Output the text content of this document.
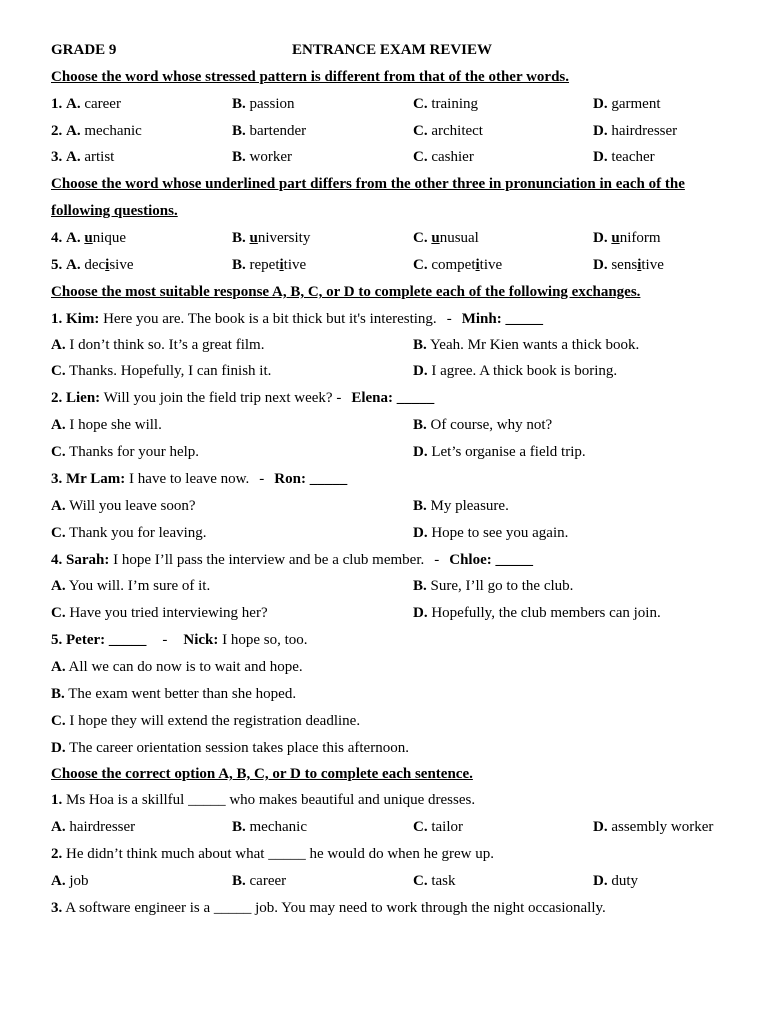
GRADE 9	ENTRANCE EXAM REVIEW
Choose the word whose stressed pattern is different from that of the other words.
1. A. career	B. passion	C. training	D. garment
2. A. mechanic	B. bartender	C. architect	D. hairdresser
3. A. artist	B. worker	C. cashier	D. teacher
Choose the word whose underlined part differs from the other three in pronunciation in each of the
following questions.
4. A. unique	B. university	C. unusual	D. uniform
5. A. decisive	B. repetitive	C. competitive	D. sensitive
Choose the most suitable response A, B, C, or D to complete each of the following exchanges.
1. Kim: Here you are. The book is a bit thick but it's interesting. - Minh: _____
A. I don’t think so. It’s a great film.	B. Yeah. Mr Kien wants a thick book.
C. Thanks. Hopefully, I can finish it.	D. I agree. A thick book is boring.
2. Lien: Will you join the field trip next week? - Elena: _____
A. I hope she will.	B. Of course, why not?
C. Thanks for your help.	D. Let’s organise a field trip.
3. Mr Lam: I have to leave now. - Ron: _____
A. Will you leave soon?	B. My pleasure.
C. Thank you for leaving.	D. Hope to see you again.
4. Sarah: I hope I’ll pass the interview and be a club member. - Chloe: _____
A. You will. I’m sure of it.	B. Sure, I’ll go to the club.
C. Have you tried interviewing her?	D. Hopefully, the club members can join.
5. Peter: _____ - Nick: I hope so, too.
A. All we can do now is to wait and hope.
B. The exam went better than she hoped.
C. I hope they will extend the registration deadline.
D. The career orientation session takes place this afternoon.
Choose the correct option A, B, C, or D to complete each sentence.
1. Ms Hoa is a skillful _____ who makes beautiful and unique dresses.
A. hairdresser	B. mechanic	C. tailor	D. assembly worker
2. He didn’t think much about what _____ he would do when he grew up.
A. job	B. career	C. task	D. duty
3. A software engineer is a _____ job. You may need to work through the night occasionally.
